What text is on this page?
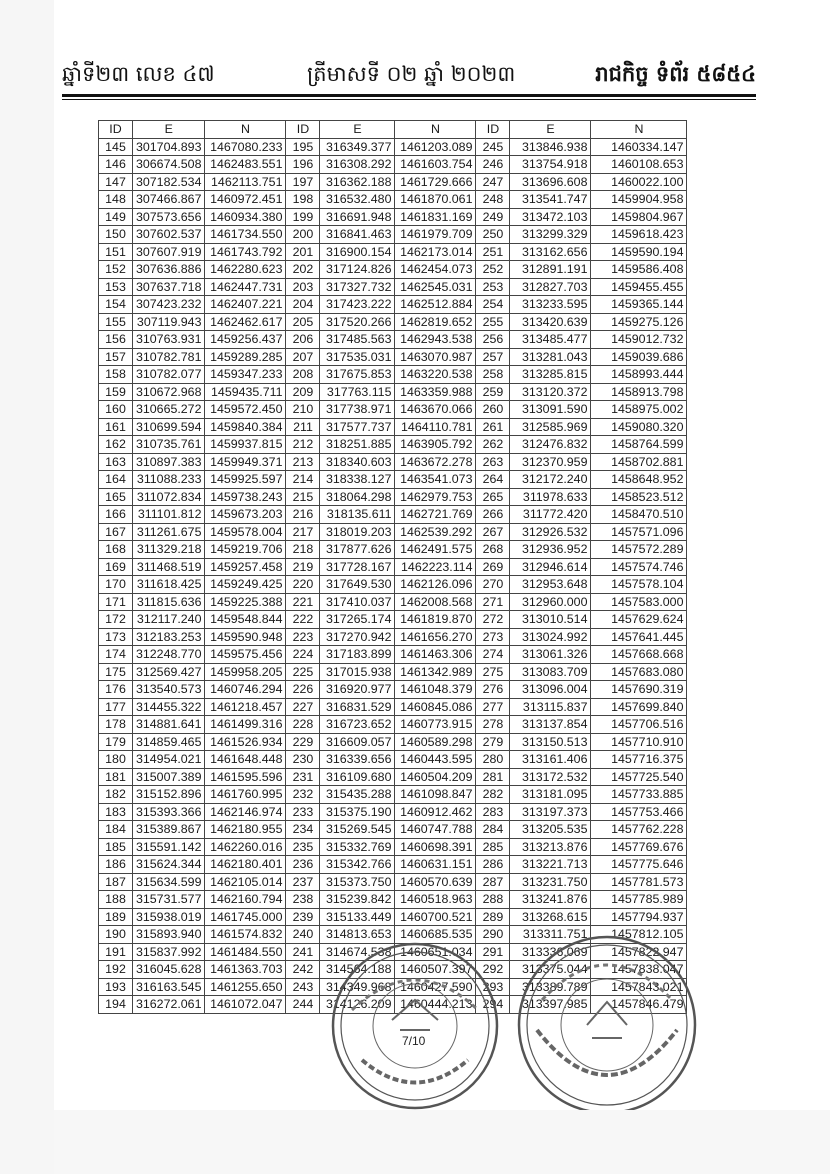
ឆ្នាំទី២៣ លេខ ៤៧	ត្រីមាសទី ០២ ឆ្នាំ ២០២៣	រាជកិច្ច ទំព័រ ៥៨៥៤
ID	E	N	ID	E	N	ID	E	N
145	301704.893	1467080.233	195	316349.377	1461203.089	245	313846.938	1460334.147
146	306674.508	1462483.551	196	316308.292	1461603.754	246	313754.918	1460108.653
147	307182.534	1462113.751	197	316362.188	1461729.666	247	313696.608	1460022.100
148	307466.867	1460972.451	198	316532.480	1461870.061	248	313541.747	1459904.958
149	307573.656	1460934.380	199	316691.948	1461831.169	249	313472.103	1459804.967
150	307602.537	1461734.550	200	316841.463	1461979.709	250	313299.329	1459618.423
151	307607.919	1461743.792	201	316900.154	1462173.014	251	313162.656	1459590.194
152	307636.886	1462280.623	202	317124.826	1462454.073	252	312891.191	1459586.408
153	307637.718	1462447.731	203	317327.732	1462545.031	253	312827.703	1459455.455
154	307423.232	1462407.221	204	317423.222	1462512.884	254	313233.595	1459365.144
155	307119.943	1462462.617	205	317520.266	1462819.652	255	313420.639	1459275.126
156	310763.931	1459256.437	206	317485.563	1462943.538	256	313485.477	1459012.732
157	310782.781	1459289.285	207	317535.031	1463070.987	257	313281.043	1459039.686
158	310782.077	1459347.233	208	317675.853	1463220.538	258	313285.815	1458993.444
159	310672.968	1459435.711	209	317763.115	1463359.988	259	313120.372	1458913.798
160	310665.272	1459572.450	210	317738.971	1463670.066	260	313091.590	1458975.002
161	310699.594	1459840.384	211	317577.737	1464110.781	261	312585.969	1459080.320
162	310735.761	1459937.815	212	318251.885	1463905.792	262	312476.832	1458764.599
163	310897.383	1459949.371	213	318340.603	1463672.278	263	312370.959	1458702.881
164	311088.233	1459925.597	214	318338.127	1463541.073	264	312172.240	1458648.952
165	311072.834	1459738.243	215	318064.298	1462979.753	265	311978.633	1458523.512
166	311101.812	1459673.203	216	318135.611	1462721.769	266	311772.420	1458470.510
167	311261.675	1459578.004	217	318019.203	1462539.292	267	312926.532	1457571.096
168	311329.218	1459219.706	218	317877.626	1462491.575	268	312936.952	1457572.289
169	311468.519	1459257.458	219	317728.167	1462223.114	269	312946.614	1457574.746
170	311618.425	1459249.425	220	317649.530	1462126.096	270	312953.648	1457578.104
171	311815.636	1459225.388	221	317410.037	1462008.568	271	312960.000	1457583.000
172	312117.240	1459548.844	222	317265.174	1461819.870	272	313010.514	1457629.624
173	312183.253	1459590.948	223	317270.942	1461656.270	273	313024.992	1457641.445
174	312248.770	1459575.456	224	317183.899	1461463.306	274	313061.326	1457668.668
175	312569.427	1459958.205	225	317015.938	1461342.989	275	313083.709	1457683.080
176	313540.573	1460746.294	226	316920.977	1461048.379	276	313096.004	1457690.319
177	314455.322	1461218.457	227	316831.529	1460845.086	277	313115.837	1457699.840
178	314881.641	1461499.316	228	316723.652	1460773.915	278	313137.854	1457706.516
179	314859.465	1461526.934	229	316609.057	1460589.298	279	313150.513	1457710.910
180	314954.021	1461648.448	230	316339.656	1460443.595	280	313161.406	1457716.375
181	315007.389	1461595.596	231	316109.680	1460504.209	281	313172.532	1457725.540
182	315152.896	1461760.995	232	315435.288	1461098.847	282	313181.095	1457733.885
183	315393.366	1462146.974	233	315375.190	1460912.462	283	313197.373	1457753.466
184	315389.867	1462180.955	234	315269.545	1460747.788	284	313205.535	1457762.228
185	315591.142	1462260.016	235	315332.769	1460698.391	285	313213.876	1457769.676
186	315624.344	1462180.401	236	315342.766	1460631.151	286	313221.713	1457775.646
187	315634.599	1462105.014	237	315373.750	1460570.639	287	313231.750	1457781.573
188	315731.577	1462160.794	238	315239.842	1460518.963	288	313241.876	1457785.989
189	315938.019	1461745.000	239	315133.449	1460700.521	289	313268.615	1457794.937
190	315893.940	1461574.832	240	314813.653	1460685.535	290	313311.751	1457812.105
191	315837.992	1461484.550	241	314674.538	1460651.034	291	313336.069	1457822.947
192	316045.628	1461363.703	242	314564.188	1460507.397	292	313375.044	1457838.047
193	316163.545	1461255.650	243	314349.968	1460427.590	293	313389.789	1457843.021
194	316272.061	1461072.047	244	314126.209	1460444.213	294	313397.985	1457846.479
7/10
